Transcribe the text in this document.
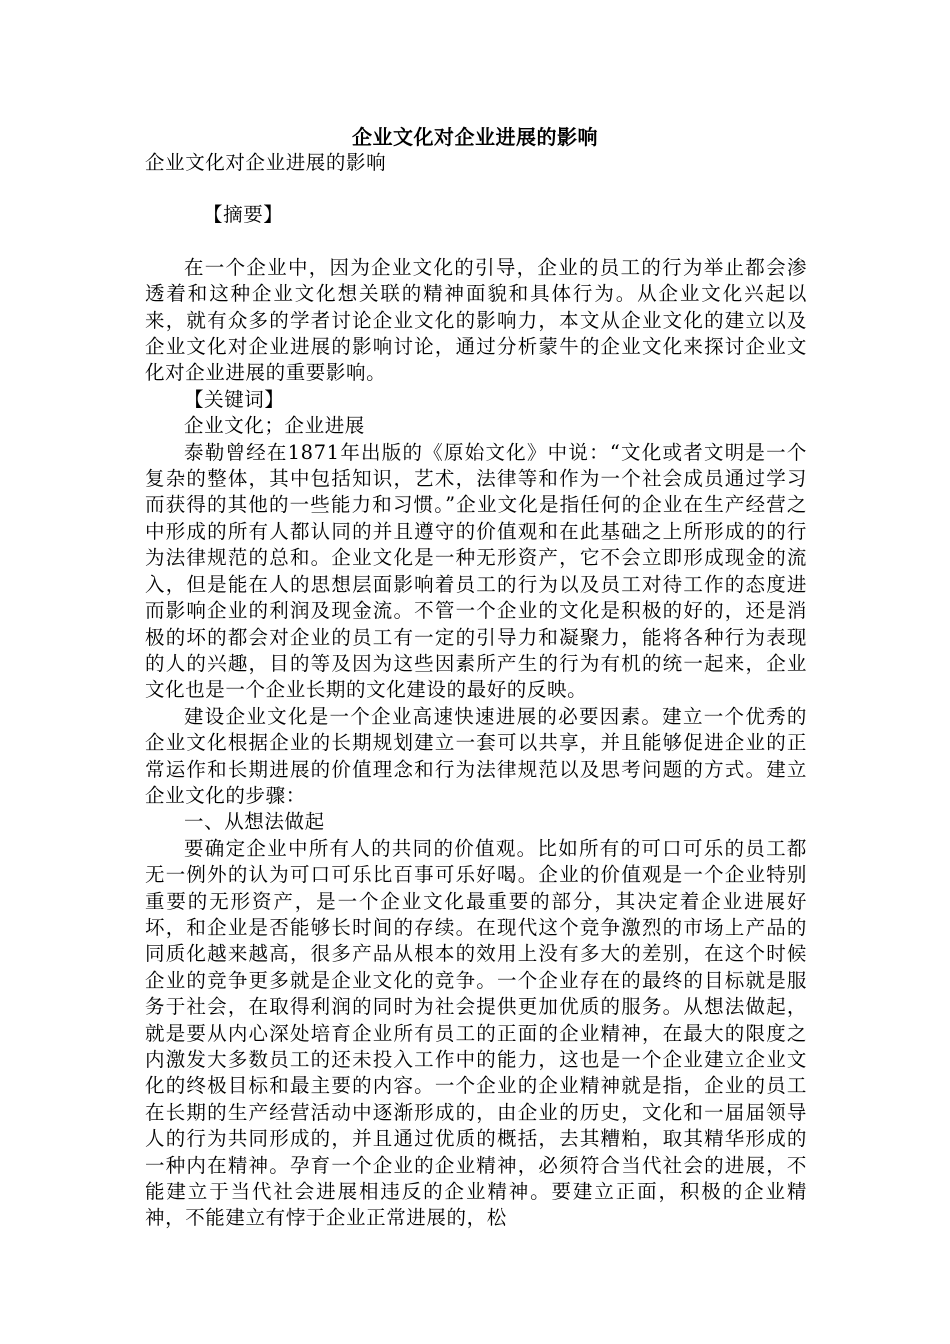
企业文化对企业进展的影响

企业文化对企业进展的影响

【摘要】

在一个企业中，因为企业文化的引导，企业的员工的行为举止都会渗透着和这种企业文化想关联的精神面貌和具体行为。从企业文化兴起以来，就有众多的学者讨论企业文化的影响力，本文从企业文化的建立以及企业文化对企业进展的影响讨论，通过分析蒙牛的企业文化来探讨企业文化对企业进展的重要影响。

【关键词】

企业文化；企业进展

泰勒曾经在1871年出版的《原始文化》中说：“文化或者文明是一个复杂的整体，其中包括知识，艺术，法律等和作为一个社会成员通过学习而获得的其他的一些能力和习惯。”企业文化是指任何的企业在生产经营之中形成的所有人都认同的并且遵守的价值观和在此基础之上所形成的的行为法律规范的总和。企业文化是一种无形资产，它不会立即形成现金的流入，但是能在人的思想层面影响着员工的行为以及员工对待工作的态度进而影响企业的利润及现金流。不管一个企业的文化是积极的好的，还是消极的坏的都会对企业的员工有一定的引导力和凝聚力，能将各种行为表现的人的兴趣，目的等及因为这些因素所产生的行为有机的统一起来，企业文化也是一个企业长期的文化建设的最好的反映。

建设企业文化是一个企业高速快速进展的必要因素。建立一个优秀的企业文化根据企业的长期规划建立一套可以共享，并且能够促进企业的正常运作和长期进展的价值理念和行为法律规范以及思考问题的方式。建立企业文化的步骤：

一、从想法做起

要确定企业中所有人的共同的价值观。比如所有的可口可乐的员工都无一例外的认为可口可乐比百事可乐好喝。企业的价值观是一个企业特别重要的无形资产，是一个企业文化最重要的部分，其决定着企业进展好坏，和企业是否能够长时间的存续。在现代这个竞争激烈的市场上产品的同质化越来越高，很多产品从根本的效用上没有多大的差别，在这个时候企业的竞争更多就是企业文化的竞争。一个企业存在的最终的目标就是服务于社会，在取得利润的同时为社会提供更加优质的服务。从想法做起，就是要从内心深处培育企业所有员工的正面的企业精神，在最大的限度之内激发大多数员工的还未投入工作中的能力，这也是一个企业建立企业文化的终极目标和最主要的内容。一个企业的企业精神就是指，企业的员工在长期的生产经营活动中逐渐形成的，由企业的历史，文化和一届届领导人的行为共同形成的，并且通过优质的概括，去其糟粕，取其精华形成的一种内在精神。孕育一个企业的企业精神，必须符合当代社会的进展，不能建立于当代社会进展相违反的企业精神。要建立正面，积极的企业精神，不能建立有悖于企业正常进展的，松
